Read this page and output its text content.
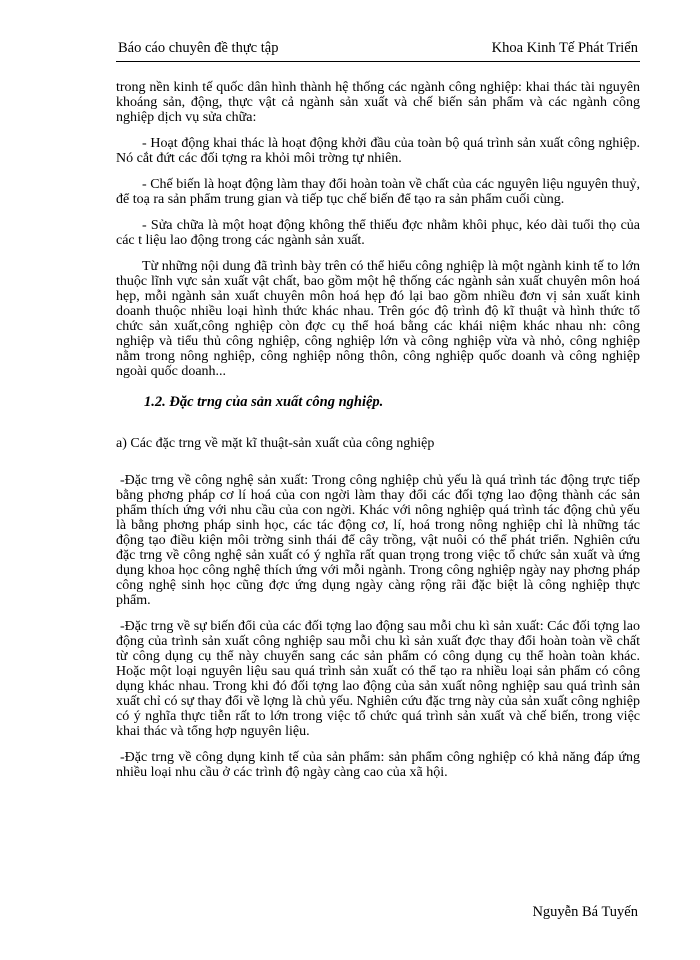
Báo cáo chuyên đề thực tập	Khoa Kinh Tế Phát Triển

trong nền kinh tế quốc dân hình thành hệ thống các ngành công nghiệp: khai thác tài nguyên khoáng sản, động, thực vật cả ngành sản xuất và chế biến sản phẩm và các ngành công nghiệp dịch vụ sửa chữa:

- Hoạt động khai thác là hoạt động khởi đầu của toàn bộ quá trình sản xuất công nghiệp. Nó cắt đứt các đối tợng ra khỏi môi trờng tự nhiên.

- Chế biến là hoạt động làm thay đổi hoàn toàn về chất của các nguyên liệu nguyên thuỷ, để toạ ra sản phẩm trung gian và tiếp tục chế biến để tạo ra sản phẩm cuối cùng.

- Sửa chữa là một hoạt động không thể thiếu đợc nhằm khôi phục, kéo dài tuổi thọ của các t liệu lao động trong các ngành sản xuất.

Từ những nội dung đã trình bày trên có thể hiểu công nghiệp là một ngành kinh tế to lớn thuộc lĩnh vực sản xuất vật chất, bao gồm một hệ thống các ngành sản xuất chuyên môn hoá hẹp, mỗi ngành sản xuất chuyên môn hoá hẹp đó lại bao gồm nhiều đơn vị sản xuất kinh doanh thuộc nhiều loại hình thức khác nhau. Trên góc độ trình độ kĩ thuật và hình thức tổ chức sản xuất,công nghiệp còn đợc cụ thể hoá bằng các khái niệm khác nhau nh: công nghiệp và tiểu thủ công nghiệp, công nghiệp lớn và công nghiệp vừa và nhỏ, công nghiệp nằm trong nông nghiệp, công nghiệp nông thôn, công nghiệp quốc doanh và công nghiệp ngoài quốc doanh...

1.2. Đặc trng của sản xuất công nghiệp.

a) Các đặc trng về mặt kĩ thuật-sản xuất của công nghiệp

-Đặc trng về công nghệ sản xuất: Trong công nghiệp chủ yếu là quá trình tác động trực tiếp bằng phơng pháp cơ lí hoá của con ngời làm thay đổi các đối tợng lao động thành các sản phẩm thích ứng với nhu cầu của con ngời. Khác với nông nghiệp quá trình tác động chủ yếu là bằng phơng pháp sinh học, các tác động cơ, lí, hoá trong nông nghiệp chỉ là những tác động tạo điều kiện môi trờng sinh thái để cây trồng, vật nuôi có thể phát triển. Nghiên cứu đặc trng về công nghệ sản xuất có ý nghĩa rất quan trọng trong việc tổ chức sản xuất và ứng dụng khoa học công nghệ thích ứng với mỗi ngành. Trong công nghiệp ngày nay phơng pháp công nghệ sinh học cũng đợc ứng dụng ngày càng rộng rãi đặc biệt là công nghiệp thực phẩm.

-Đặc trng về sự biến đổi của các đối tợng lao động sau mỗi chu kì sản xuất: Các đối tợng lao động của trình sản xuất công nghiệp sau mỗi chu kì sản xuất đợc thay đổi hoàn toàn về chất từ công dụng cụ thể này chuyển sang các sản phẩm có công dụng cụ thể hoàn toàn khác. Hoặc một loại nguyên liệu sau quá trình sản xuất có thể tạo ra nhiều loại sản phẩm có công dụng khác nhau. Trong khi đó đối tợng lao động của sản xuất nông nghiệp sau quá trình sản xuất chỉ có sự thay đổi về lợng là chủ yếu. Nghiên cứu đặc trng này của sản xuất công nghiệp có ý nghĩa thực tiễn rất to lớn trong việc tổ chức quá trình sản xuất và chế biến, trong việc khai thác và tổng hợp nguyên liệu.

-Đặc trng về công dụng kinh tế của sản phẩm: sản phẩm công nghiệp có khả năng đáp ứng nhiều loại nhu cầu ở các trình độ ngày càng cao của xã hội.

Nguyễn Bá Tuyến
